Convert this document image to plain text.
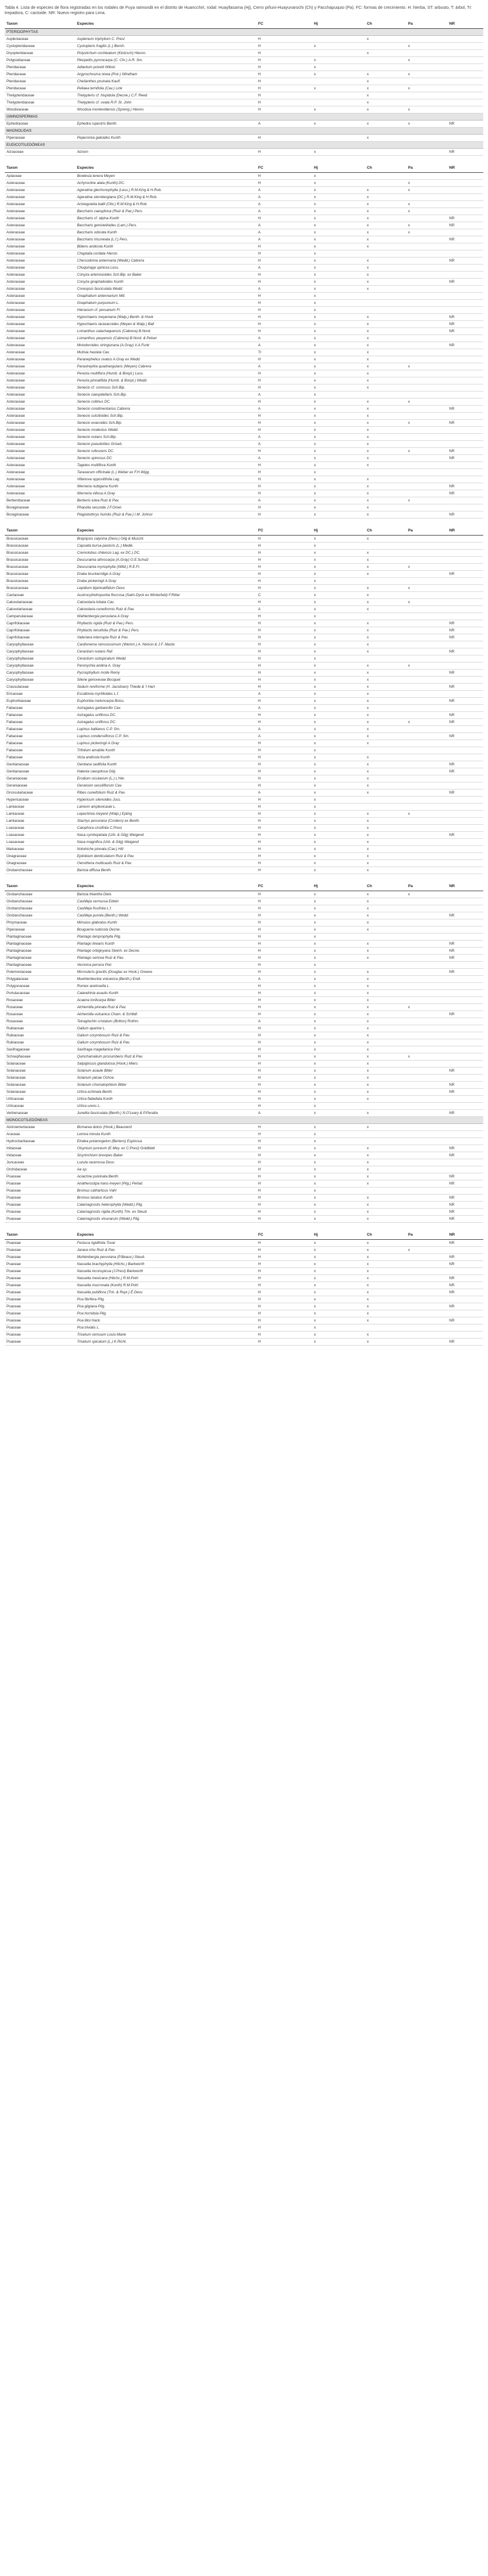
Tabla 4. Lista de especies de flora registradas en los rodales de Puya raimondii en el distrito de Huancchirí, rodal: Huayllasama (Hj), Cerro piñuni-Huayunarochi (Ch) y Pacchapuquio (Pa). FC: formas de crecimiento. H: hierba, ST: arbusto, T: árbol, Tr: trepadora, C: cactoide. NR: Nuevo registro para Lima.
Taxon	Especies	FC	Hj	Ch	Pa	NR
PTERIDOPHYTAS						
Aspleniaceae	Asplenium triphyllum C. Presl	H		x		
Cystopteridaceae	Cystopteris fragilis (L.) Bernh.	H	x		x	
Dryopteridaceae	Polystichum cochleatum (Klotzsch) Hieron.	H		x		
Polypodiaceae	Pleopeltis pycnocarpa (C. Chr.) A.R. Sm.	H	x		x	
Pteridaceae	Adiantum poiretii Wikstr.	H	x			
Pteridaceae	Argyrochosma nivea (Poir.) Windham	H	x	x	x	
Pteridaceae	Cheilanthes pruinata Kaulf.	H		x		
Pteridaceae	Pellaea ternifolia (Cav.) Link	H	x	x	x	
Thelypteridaceae	Thelypteris cf. hispidula (Decne.) C.F. Reed	H		x		
Thelypteridaceae	Thelypteris cf. ovata R.P. St. John	H		x		
Woodsiaceae	Woodsia montevidensis (Spreng.) Hieron.	H	x	x	x	
GIMNOSPERMAS						
Ephedraceae	Ephedra rupestris Benth.	A	x	x	x	NR
MAGNOLIDAS						
Piperaceae	Peperomia galioides Kunth	H		x		
EUDICOTILEDÓNEAS						
Aizoaceae	Aizoon	H	x			NR
Taxon	Especies	FC	Hj	Ch	Pa	NR
Apiaceae	Bowlesia tenera Meyen	H	x			
Asteraceae	Achyrocline alata (Kunth) DC.	H	x		x	
Asteraceae	Ageratina glechonophylla (Less.) R.M.King & H.Rob.	A	x	x	x	
Asteraceae	Ageratina sternbergiana (DC.) R.M.King & H.Rob.	A	x	x		
Asteraceae	Aristeguietia ballii (Oliv.) R.M.King & H.Rob.	A	x	x	x	
Asteraceae	Baccharis caespitosa (Ruiz & Pav.) Pers.	A	x	x	x	
Asteraceae	Baccharis cf. alpina Kunth	H	x	x		NR
Asteraceae	Baccharis genistelloides (Lam.) Pers.	A	x	x	x	NR
Asteraceae	Baccharis odorata Kunth	A	x	x	x	
Asteraceae	Baccharis tricuneata (L.f.) Pers.	A	x	x		NR
Asteraceae	Bidens andicola Kunth	H	x	x		
Asteraceae	Chaptalia cordata Hieron.	H	x			
Asteraceae	Chersodoma antennaria (Wedd.) Cabrera	H	x	x		NR
Asteraceae	Chuquiraga spinosa Less.	A	x	x		
Asteraceae	Conyza artemisioides Sch.Bip. ex Baker	H	x	x		
Asteraceae	Conyza gnaphalioides Kunth	H	x	x		NR
Asteraceae	Coreopsis fasciculata Wedd.	A	x	x		
Asteraceae	Gnaphalium antennarium Mill.	H	x			
Asteraceae	Gnaphalium purpureum L.	H	x			
Asteraceae	Hieracium cf. peruanum Fr.	H	x			
Asteraceae	Hypochaeris meyeniana (Walp.) Benth. & Hook	H	x	x		NR
Asteraceae	Hypochaeris taraxacoides (Meyen & Walp.) Ball	H	x	x		NR
Asteraceae	Lomanthus calachaquensis (Cabrera) B.Nord.	H	x	x		NR
Asteraceae	Lomanthus yauyensis (Cabrera) B.Nord. & Pelser	A	x	x		
Asteraceae	Mniodoroides stringiurana (A.Gray) V.A.Funk	A	x	x		NR
Asteraceae	Mutisia hastata Cav.	Tr	x	x		
Asteraceae	Paranephelius ovatus A.Gray ex Wedd.	H	x	x		
Asteraceae	Parastrephia quadrangularis (Meyen) Cabrera	A	x	x	x	
Asteraceae	Perezia multiflora (Humb. & Bonpl.) Less.	H	x	x		
Asteraceae	Perezia pinnatifida (Humb. & Bonpl.) Wedd.	H	x	x		
Asteraceae	Senecio cf. comosus Sch.Bip.	H	x	x		
Asteraceae	Senecio caespitellaris Sch.Bip.	A	x			
Asteraceae	Senecio collinus DC.	H	x	x	x	
Asteraceae	Senecio condimentarius Cabrera	A	x	x		NR
Asteraceae	Senecio culcitioides Sch.Bip.	H	x	x		
Asteraceae	Senecio evacoides Sch.Bip.	H	x	x	x	NR
Asteraceae	Senecio modestus Wedd.	H	x	x		
Asteraceae	Senecio nutans Sch.Bip.	A	x	x		
Asteraceae	Senecio pseudotites Griseb.	A	x	x		
Asteraceae	Senecio rufescens DC.	H	x	x	x	NR
Asteraceae	Senecio spinosus DC.	A	x	x		NR
Asteraceae	Tagetes multiflora Kunth	H	x	x		
Asteraceae	Taraxacum officinale (L.) Weber ex F.H.Wigg.	H	x			
Asteraceae	Villanova oppositifolia Lag.	H	x	x		
Asteraceae	Werneria nubigena Kunth	H	x	x		NR
Asteraceae	Werneria villosa A.Gray	H	x	x		NR
Berberidaceae	Berberis lutea Ruiz & Pav.	A	x	x	x	
Boraginaceae	Phacelia secunda J.F.Gmel.	H	x	x		
Boraginaceae	Plagiobothrys humilis (Ruiz & Pav.) I.M. Johnst	H	x	x		NR
Taxon	Especies	FC	Hj	Ch	Pa	NR
Brassicaceae	Brayopsis calycina (Desv.) Gilg & Muschl.	H	x	x		
Brassicaceae	Capsella bursa-pastoris (L.) Medik.	H	x			
Brassicaceae	Cremolobus chilensis Lag. ex DC.) DC.	H	x	x		
Brassicaceae	Descurainia athrocarpa (A.Gray) O.E.Schulz	H	x	x		
Brassicaceae	Descurainia myriophylla (Willd.) R.E.Fr.	H	x	x	x	
Brassicaceae	Draba bruckerridge A.Gray	H	x	x		NR
Brassicaceae	Draba pickeringii A.Gray	H	x			
Brassicaceae	Lepidium bipinnatifidum Desv.	H	x	x	x	
Cactaceae	Austrocylindropuntia floccosa (Salm-Dyck ex Winterfeld) F.Ritter	C	x	x		
Calceolariaceae	Calceolaria lobata Cav.	H	x	x	x	
Calceolariaceae	Calceolaria cuneiformis Ruiz & Pav.	A	x	x		
Campanulaceae	Wahlenbergia peruviana A.Gray	H	x			
Caprifoliaceae	Phyllactis rigida (Ruiz & Pav.) Pers.	H	x	x		NR
Caprifoliaceae	Phyllactis tenuifolia (Ruiz & Pav.) Pers.	H	x	x		NR
Caprifoliaceae	Valeriana interrupta Ruiz & Pav.	H	x	x		NR
Caryophyllaceae	Cardionema ramosissimum (Weinm.) A. Nelson & J.F. Macbr.	H	x	x		
Caryophyllaceae	Cerastium nutans Raf.	H	x	x		NR
Caryophyllaceae	Cerastium subspicatum Wedd.	H	x			
Caryophyllaceae	Paronychia andina A. Gray	H	x	x	x	
Caryophyllaceae	Pycnophyllum molle Remy	H	x	x		NR
Caryophyllaceae	Silene genovevae Bocquet	H	x	x		
Crassulaceae	Sedum reniforme (H. Jacobsen) Thiede & 't Hart	H	x	x		NR
Ericaceae	Escallonia myrtilloides L.f.	A	x	x		
Euphorbiaceae	Euphorbia meloncarpa Boiss.	H	x	x		NR
Fabaceae	Astragalus garbancillo Cav.	A	x	x		
Fabaceae	Astragalus uniflorus DC.	H	x	x		NR
Fabaceae	Astragalus uniflorus DC.	H	x	x	x	NR
Fabaceae	Lupinus ballianus C.P. Sm.	A	x	x		
Fabaceae	Lupinus condensiflorus C.P. Sm.	A	x	x		NR
Fabaceae	Lupinus pickeringii A.Gray	H	x	x		
Fabaceae	Trifolium amabile Kunth	H	x			
Fabaceae	Vicia andicola Kunth	H	x	x		
Gentianaceae	Gentiana sedifolia Kunth	H	x	x		NR
Gentianaceae	Halenia caespitosa Gilg	H	x	x		NR
Geraniaceae	Erodium cicutarium (L.) L'Hér.	H	x	x		
Geraniaceae	Geranium sessiliflorum Cav.	H	x	x		
Grossulariaceae	Ribes cuneifolium Ruiz & Pav.	A	x	x		NR
Hypericaceae	Hypericum silenoides Juss.	H	x			
Lamiaceae	Lamium amplexicaule L.	H	x			
Lamiaceae	Lepechinia meyenii (Walp.) Epling	H	x	x	x	
Lamiaceae	Stachys peruviana (Cordero) ex Benth.	H	x	x		
Loasaceae	Caiophora cirsiifolia C.Presl	H	x	x		
Loasaceae	Nasa cymbopetala (Urb. & Gilg) Weigend	H	x	x		NR
Loasaceae	Nasa magnifica (Urb. & Gilg) Weigend	H	x	x		
Malvaceae	Nototriche pinnata (Cav.) Hill	H	x	x		
Onagraceae	Epilobium denticulatum Ruiz & Pav.	H	x	x		
Onagraceae	Oenothera multicaulis Ruiz & Pav.	H	x	x		
Orobanchaceae	Bartsia diffusa Benth.	H	x	x		
Taxon	Especies	FC	Hj	Ch	Pa	NR
Orobanchaceae	Bartsia thiantha Diels	H	x	x	x	
Orobanchaceae	Castilleja cernuosa Edwin	H	x	x		
Orobanchaceae	Castilleja fissifolia L.f.	H	x	x		
Orobanchaceae	Castilleja pumila (Benth.) Wedd.	H	x	x		NR
Phrymaceae	Mimulus glabratus Kunth	H	x	x		
Piperaceae	Bougueria nubicola Decne.	H	x	x		
Plantaginaceae	Plantago lamprophylla Pilg.	H	x			
Plantaginaceae	Plantago linearis Kunth	H	x	x		NR
Plantaginaceae	Plantago orbignyana Steinh. ex Decne.	H	x	x		NR
Plantaginaceae	Plantago sericea Ruiz & Pav.	H	x	x		NR
Plantaginaceae	Veronica persica Poir.	H	x			
Polemoniaceae	Microsteris gracilis (Douglas ex Hook.) Greene	H	x	x		NR
Polygalaceae	Muehlenbeckia volcanica (Benth.) Endl.	A	x	x		
Polygonaceae	Rumex acetosella L.	H	x	x		
Portulacaceae	Calandrinia acaulis Kunth	H	x	x		
Rosaceae	Acaena torilicarpa Bitter	H	x	x		
Rosaceae	Alchemilla pinnata Ruiz & Pav.	H	x	x	x	
Rosaceae	Alchemilla vulcanica Cham. & Schltdl.	H	x	x		NR
Rosaceae	Tetraglochin cristatum (Britton) Rothm.	A	x	x		
Rubiaceae	Galium aparine L.	H	x	x		
Rubiaceae	Galium corymbosum Ruiz & Pav.	H	x	x		
Rubiaceae	Galium corymbosum Ruiz & Pav.	H	x	x		
Saxifragaceae	Saxifraga magellanica Poir.	H	x	x		
Schoepfiaceae	Quinchamalium procumbens Ruiz & Pav.	H	x	x	x	
Solanaceae	Salpiglossis glandulosa (Hook.) Miers	H	x	x		
Solanaceae	Solanum acaule Bitter	H	x	x		NR
Solanaceae	Solanum jalcae Ochoa	H	x	x		
Solanaceae	Solanum chomatophilum Bitter	H	x	x		NR
Solanaceae	Urtica echinata Benth.	H	x	x		NR
Urticaceae	Urtica flabellata Kunth	H	x	x		
Urticaceae	Urtica urens L.	H	x			
Verbenaceae	Junellia fasciculata (Benth.) N.O'Leary & P.Peralta	A	x	x		NR
MONOCOTILEDÓNEAS						
Alstroemeriaceae	Bomarea dulcis (Hook.) Beauverd	H	x	x		
Araceae	Lemna minuta Kunth	H	x			
Hydrocharitaceae	Elodea potamogeton (Bertero) Espinosa	H	x			
Iridaceae	Olsynium junceum (E.Mey. ex C.Presl) Goldblatt	H	x	x		NR
Iridaceae	Sisyrinchium brevipes Baker	H	x	x		NR
Juncaceae	Luzula racemosa Desv.	H	x	x		
Orchidaceae	Aa sp.	H	x	x		
Poaceae	Aciachne pulvinata Benth.	H	x	x		NR
Poaceae	Anatherostipa hans-meyeri (Pilg.) Peñail.	H	x	x		NR
Poaceae	Bromus catharticus Vahl	H	x			
Poaceae	Bromus lanatus Kunth	H	x	x		NR
Poaceae	Calamagrostis heterophylla (Wedd.) Pilg.	H	x	x		NR
Poaceae	Calamagrostis rigida (Kunth) Trin. ex Steud.	H	x	x		NR
Poaceae	Calamagrostis vicunarum (Wedd.) Pilg.	H	x	x		NR
Taxon	Especies	FC	Hj	Ch	Pa	NR
Poaceae	Festuca rigidifolia Tovar	H	x	x		NR
Poaceae	Jarava ichu Ruiz & Pav.	H	x	x	x	
Poaceae	Muhlenbergia peruviana (P.Beauv.) Steud.	H	x	x		NR
Poaceae	Nassella brachyphylla (Hitchc.) Barkworth	H	x	x		NR
Poaceae	Nassella inconspicua (J.Presl) Barkworth	H	x	x		
Poaceae	Nassella mexicana (Hitchc.) R.M.Pohl	H	x	x		NR
Poaceae	Nassella mucronata (Kunth) R.M.Pohl	H	x	x		NR
Poaceae	Nassella pubiflora (Trin. & Rupr.) É.Desv.	H	x	x		NR
Poaceae	Poa fibrifera Pilg.	H	x	x		
Poaceae	Poa gilgiana Pilg.	H	x	x		NR
Poaceae	Poa horridula Pilg.	H	x	x		
Poaceae	Poa lilloi Hack.	H	x	x		NR
Poaceae	Poa trivialis L.	H	x			
Poaceae	Trisetum cernuum Louis-Marie	H	x	x		
Poaceae	Trisetum spicatum (L.) K.Richt.	H	x	x		NR
